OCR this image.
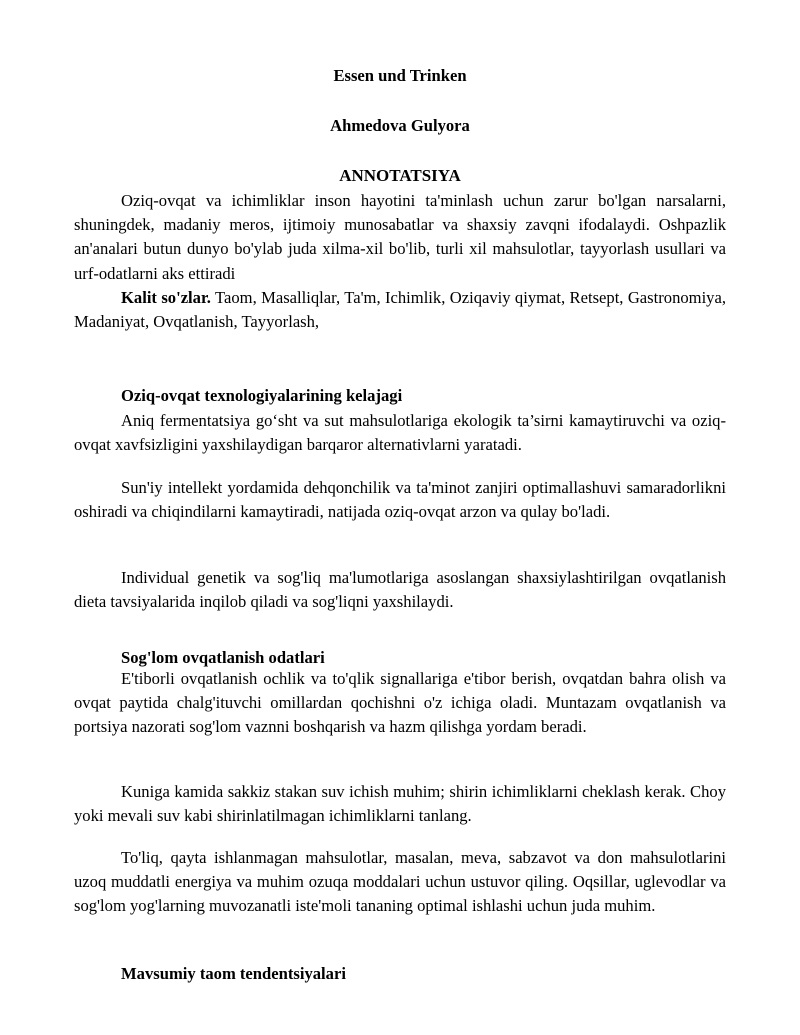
Essen und Trinken
Ahmedova Gulyora
ANNOTATSIYA

Oziq-ovqat va ichimliklar inson hayotini ta'minlash uchun zarur bo'lgan narsalarni, shuningdek, madaniy meros, ijtimoiy munosabatlar va shaxsiy zavqni ifodalaydi. Oshpazlik an'analari butun dunyo bo'ylab juda xilma-xil bo'lib, turli xil mahsulotlar, tayyorlash usullari va urf-odatlarni aks ettiradi

Kalit so'zlar. Taom, Masalliqlar, Ta'm, Ichimlik, Oziqaviy qiymat, Retsept, Gastronomiya, Madaniyat, Ovqatlanish, Tayyorlash,

Oziq-ovqat texnologiyalarining kelajagi

Aniq fermentatsiya go‘sht va sut mahsulotlariga ekologik ta’sirni kamaytiruvchi va oziq-ovqat xavfsizligini yaxshilaydigan barqaror alternativlarni yaratadi.

Sun'iy intellekt yordamida dehqonchilik va ta'minot zanjiri optimallashuvi samaradorlikni oshiradi va chiqindilarni kamaytiradi, natijada oziq-ovqat arzon va qulay bo'ladi.

Individual genetik va sog'liq ma'lumotlariga asoslangan shaxsiylashtirilgan ovqatlanish dieta tavsiyalarida inqilob qiladi va sog'liqni yaxshilaydi.

Sog'lom ovqatlanish odatlari

E'tiborli ovqatlanish ochlik va to'qlik signallariga e'tibor berish, ovqatdan bahra olish va ovqat paytida chalg'ituvchi omillardan qochishni o'z ichiga oladi. Muntazam ovqatlanish va portsiya nazorati sog'lom vaznni boshqarish va hazm qilishga yordam beradi.

Kuniga kamida sakkiz stakan suv ichish muhim; shirin ichimliklarni cheklash kerak. Choy yoki mevali suv kabi shirinlatilmagan ichimliklarni tanlang.

To'liq, qayta ishlanmagan mahsulotlar, masalan, meva, sabzavot va don mahsulotlarini uzoq muddatli energiya va muhim ozuqa moddalari uchun ustuvor qiling. Oqsillar, uglevodlar va sog'lom yog'larning muvozanatli iste'moli tananing optimal ishlashi uchun juda muhim.

Mavsumiy taom tendentsiyalari
